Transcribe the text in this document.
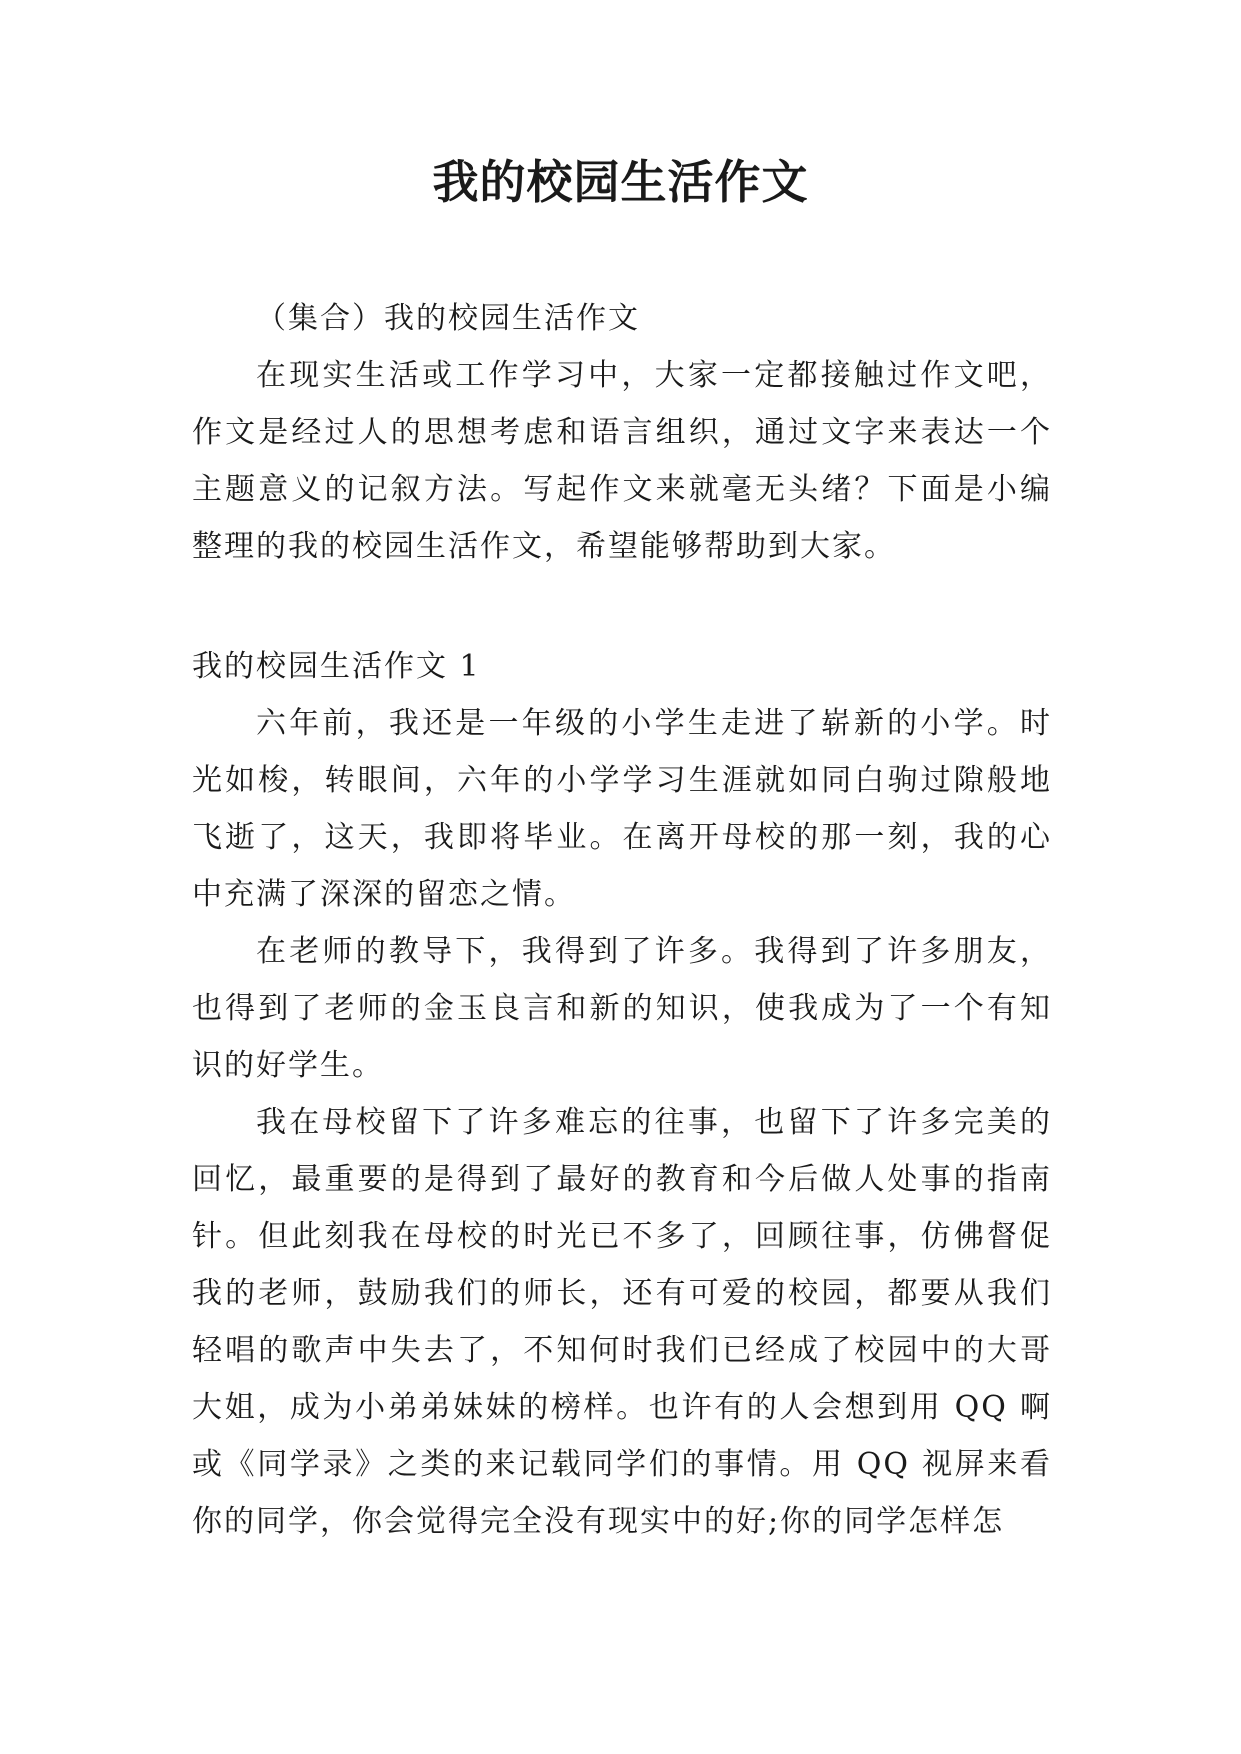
我的校园生活作文

（集合）我的校园生活作文

在现实生活或工作学习中，大家一定都接触过作文吧，作文是经过人的思想考虑和语言组织，通过文字来表达一个主题意义的记叙方法。写起作文来就毫无头绪？下面是小编整理的我的校园生活作文，希望能够帮助到大家。

我的校园生活作文 1

六年前，我还是一年级的小学生走进了崭新的小学。时光如梭，转眼间，六年的小学学习生涯就如同白驹过隙般地飞逝了，这天，我即将毕业。在离开母校的那一刻，我的心中充满了深深的留恋之情。

在老师的教导下，我得到了许多。我得到了许多朋友，也得到了老师的金玉良言和新的知识，使我成为了一个有知识的好学生。

我在母校留下了许多难忘的往事，也留下了许多完美的回忆，最重要的是得到了最好的教育和今后做人处事的指南针。但此刻我在母校的时光已不多了，回顾往事，仿佛督促我的老师，鼓励我们的师长，还有可爱的校园，都要从我们轻唱的歌声中失去了，不知何时我们已经成了校园中的大哥大姐，成为小弟弟妹妹的榜样。也许有的人会想到用 QQ 啊或《同学录》之类的来记载同学们的事情。用 QQ 视屏来看你的同学，你会觉得完全没有现实中的好;你的同学怎样怎
